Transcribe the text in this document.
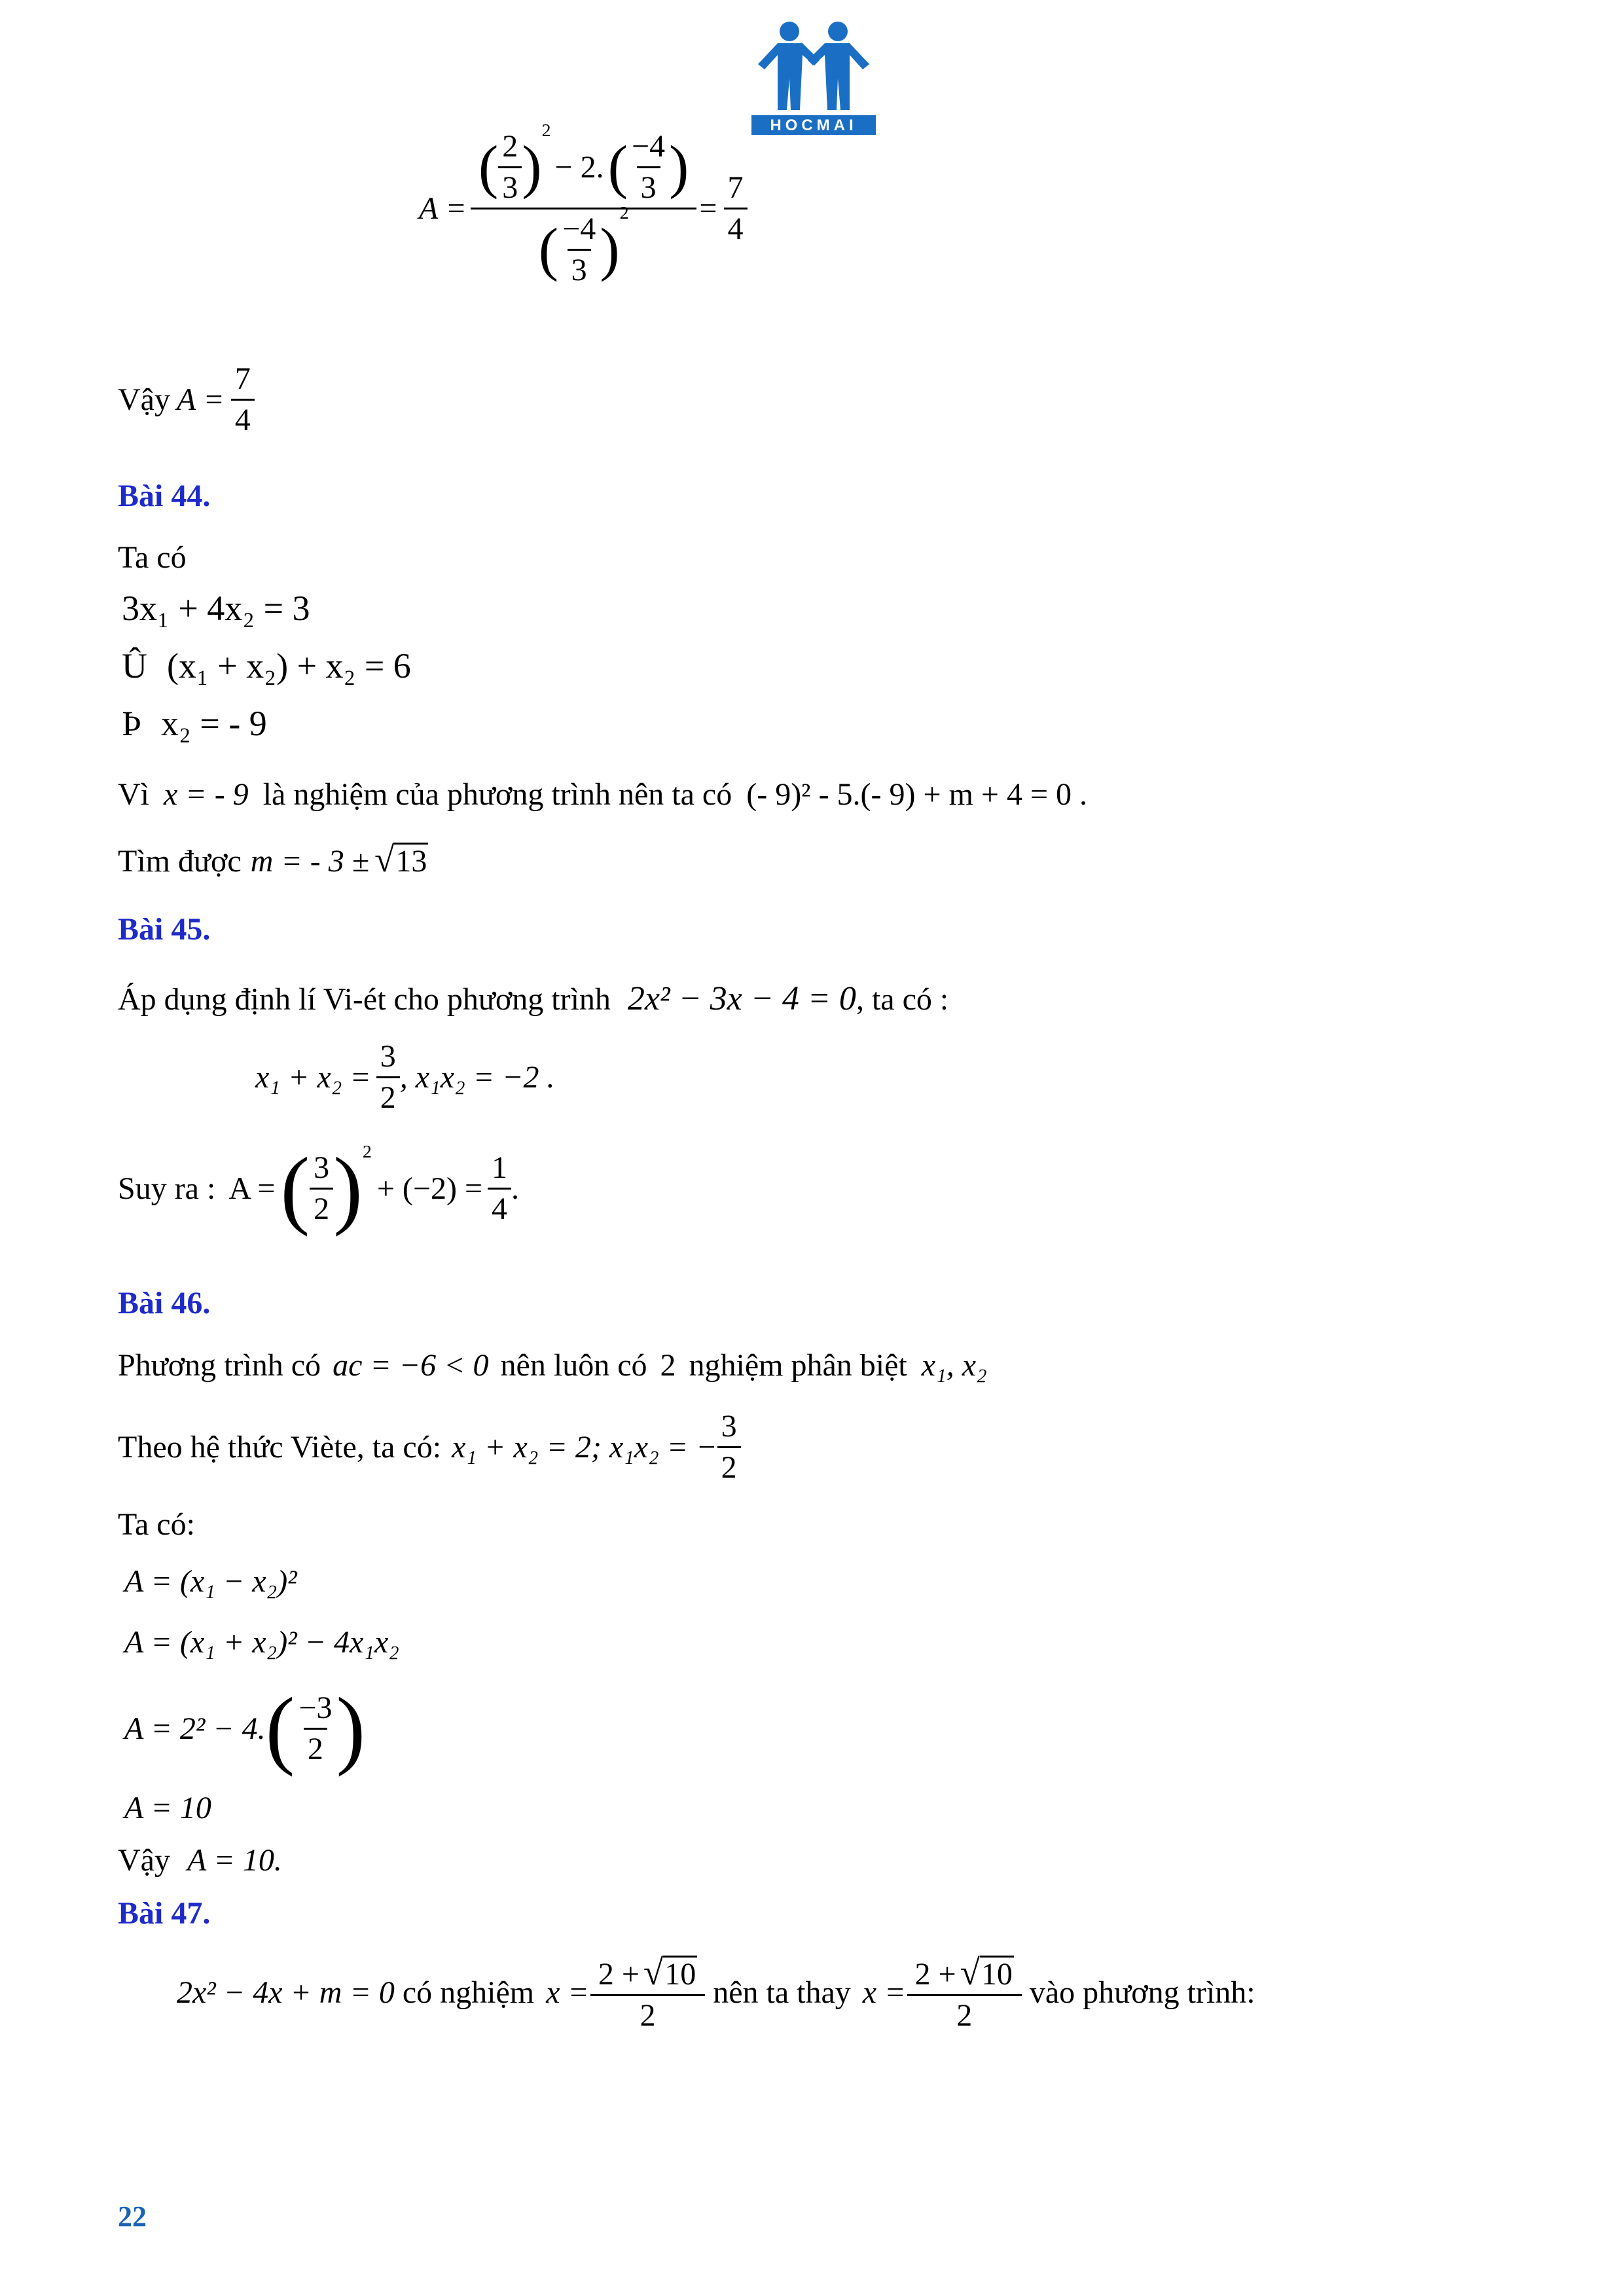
HOCMAI
A = ( $\frac{2}{3}$ )
2
− 2. ( $\frac{-4}{3}$ )
( $\frac{-4}{3}$ )
$2 = \frac{7}{4}$
Vậy $A = \frac{7}{4}$
Bài 44.
Ta có
3x₁ + 4x₂ = 3
Û (x₁ + x₂) + x₂ = 6
Þ x₂ = - 9
Vì x = - 9 là nghiệm của phương trình nên ta có (- 9)² - 5.(- 9) + m + 4 = 0 .
Tìm được m = - 3 ± √ 13
Bài 45.
Áp dụng định lí Vi-ét cho phương trình 2x² − 3x − 4 = 0, ta có :
$x_1 + x_2 = \frac{3}{2}$ , x₁x₂ = −2 .
Suy ra : A = ( $\frac{3}{2}$ ) 2
+ $(-2) = \frac{1}{4}$ .
Bài 46.
Phương trình có ac = −6 < 0 nên luôn có 2 nghiệm phân biệt x₁, x₂
Theo hệ thức Viète, ta có: x₁ + x₂ = 2; x₁x₂ = − $\frac{3}{2}$
Ta có:
A = (x₁ − x₂)²
A = (x₁ + x₂)² − 4x₁x₂
A = 2² − 4. ( $\frac{-3}{2}$ )
A = 10
Vậy A = 10.
Bài 47.
2x² − 4x + m = 0 có nghiệm $x = \frac{2 + √ 10}{2}$ nên ta thay $x = \frac{2 + √ 10}{2}$ vào phương trình:
22
